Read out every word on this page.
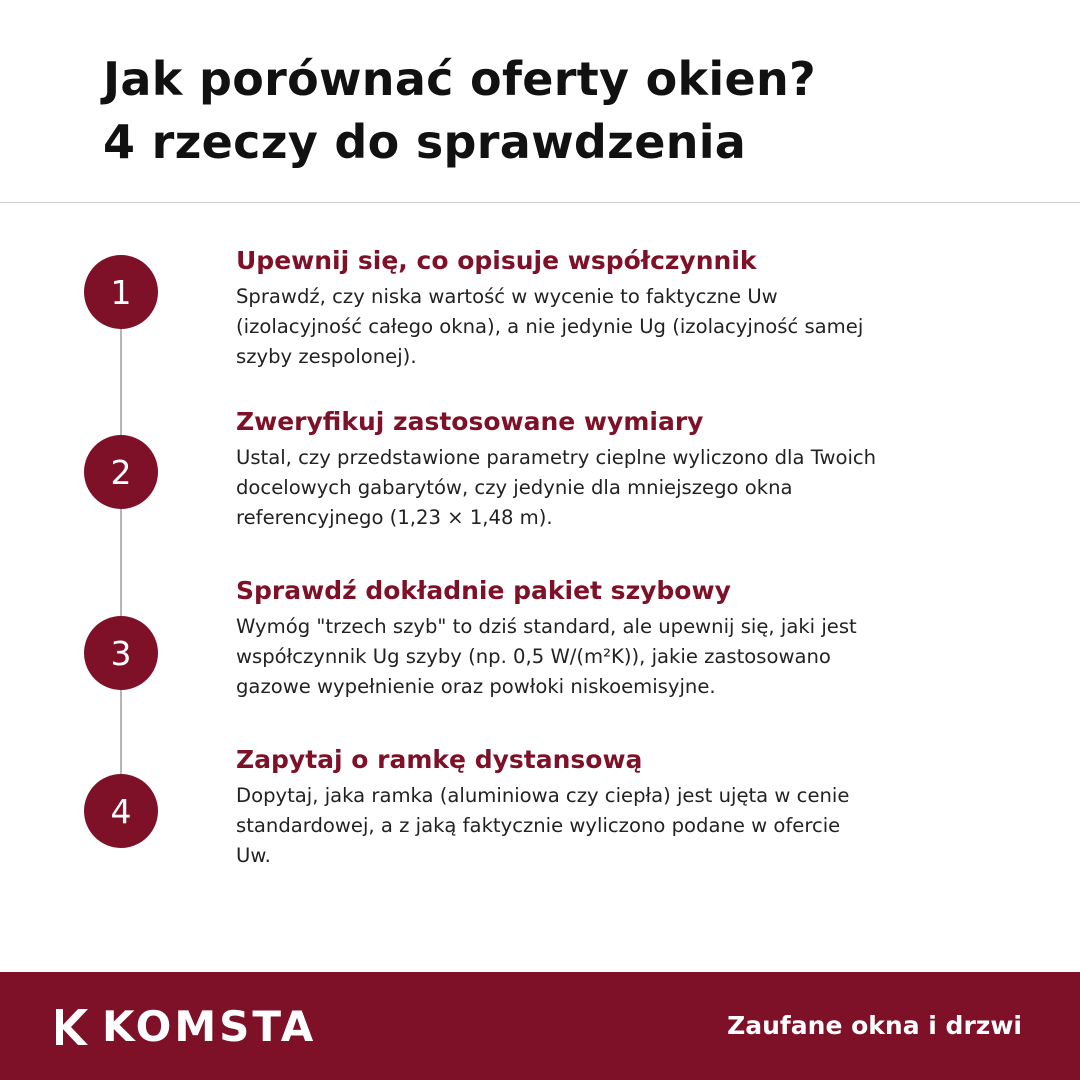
Jak porównać oferty okien?
4 rzeczy do sprawdzenia
1
Upewnij się, co opisuje współczynnik
Sprawdź, czy niska wartość w wycenie to faktyczne Uw
(izolacyjność całego okna), a nie jedynie Ug (izolacyjność samej
szyby zespolonej).
2
Zweryfikuj zastosowane wymiary
Ustal, czy przedstawione parametry cieplne wyliczono dla Twoich
docelowych gabarytów, czy jedynie dla mniejszego okna
referencyjnego (1,23 × 1,48 m).
3
Sprawdź dokładnie pakiet szybowy
Wymóg "trzech szyb" to dziś standard, ale upewnij się, jaki jest
współczynnik Ug szyby (np. 0,5 W/(m²K)), jakie zastosowano
gazowe wypełnienie oraz powłoki niskoemisyjne.
4
Zapytaj o ramkę dystansową
Dopytaj, jaka ramka (aluminiowa czy ciepła) jest ujęta w cenie
standardowej, a z jaką faktycznie wyliczono podane w ofercie
Uw.
KOMSTA	Zaufane okna i drzwi
